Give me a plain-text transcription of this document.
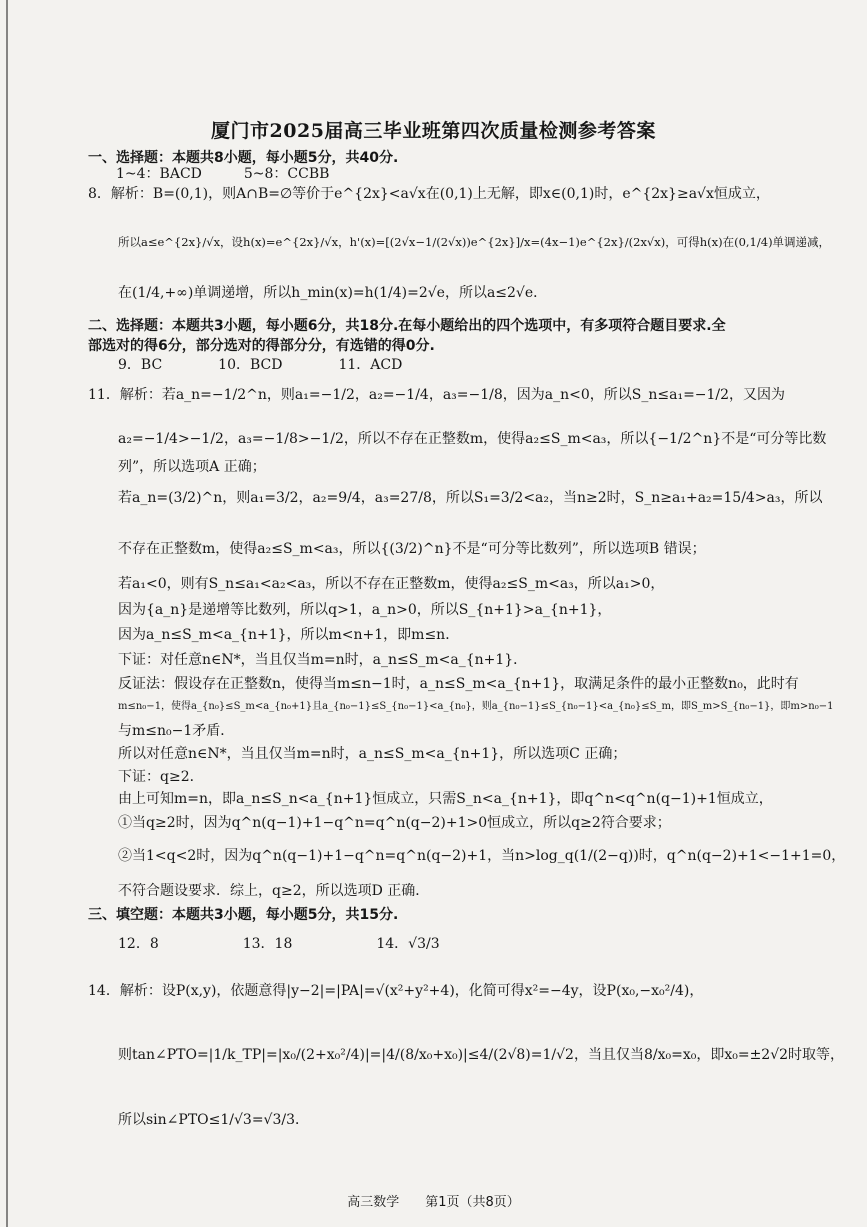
厦门市2025届高三毕业班第四次质量检测参考答案
一、选择题：本题共8小题，每小题5分，共40分.
1~4：BACD　　　5~8：CCBB
8．解析：B=(0,1)，则A∩B=∅等价于e^{2x}<a√x在(0,1)上无解，即x∈(0,1)时，e^{2x}≥a√x恒成立，
所以a≤e^{2x}/√x，设h(x)=e^{2x}/√x，h'(x)=[(2√x−1/(2√x))e^{2x}]/x=(4x−1)e^{2x}/(2x√x)，可得h(x)在(0,1/4)单调递减，
在(1/4,+∞)单调递增，所以h_min(x)=h(1/4)=2√e，所以a≤2√e．
二、选择题：本题共3小题，每小题6分，共18分.在每小题给出的四个选项中，有多项符合题目要求.全
部选对的得6分，部分选对的得部分分，有选错的得0分.
9．BC　　　　10．BCD　　　　11．ACD
11．解析：若a_n=−1/2^n，则a₁=−1/2，a₂=−1/4，a₃=−1/8，因为a_n<0，所以S_n≤a₁=−1/2，又因为
a₂=−1/4>−1/2，a₃=−1/8>−1/2，所以不存在正整数m，使得a₂≤S_m<a₃，所以{−1/2^n}不是“可分等比数
列”，所以选项A 正确；
若a_n=(3/2)^n，则a₁=3/2，a₂=9/4，a₃=27/8，所以S₁=3/2<a₂，当n≥2时，S_n≥a₁+a₂=15/4>a₃，所以
不存在正整数m，使得a₂≤S_m<a₃，所以{(3/2)^n}不是“可分等比数列”，所以选项B 错误；
若a₁<0，则有S_n≤a₁<a₂<a₃，所以不存在正整数m，使得a₂≤S_m<a₃，所以a₁>0，
因为{a_n}是递增等比数列，所以q>1，a_n>0，所以S_{n+1}>a_{n+1}，
因为a_n≤S_m<a_{n+1}，所以m<n+1，即m≤n．
下证：对任意n∈N*，当且仅当m=n时，a_n≤S_m<a_{n+1}．
反证法：假设存在正整数n，使得当m≤n−1时，a_n≤S_m<a_{n+1}，取满足条件的最小正整数n₀，此时有
m≤n₀−1，使得a_{n₀}≤S_m<a_{n₀+1}且a_{n₀−1}≤S_{n₀−1}<a_{n₀}，则a_{n₀−1}≤S_{n₀−1}<a_{n₀}≤S_m，即S_m>S_{n₀−1}，即m>n₀−1
与m≤n₀−1矛盾．
所以对任意n∈N*，当且仅当m=n时，a_n≤S_m<a_{n+1}，所以选项C 正确；
下证：q≥2．
由上可知m=n，即a_n≤S_n<a_{n+1}恒成立，只需S_n<a_{n+1}，即q^n<q^n(q−1)+1恒成立，
①当q≥2时，因为q^n(q−1)+1−q^n=q^n(q−2)+1>0恒成立，所以q≥2符合要求；
②当1<q<2时，因为q^n(q−1)+1−q^n=q^n(q−2)+1，当n>log_q(1/(2−q))时，q^n(q−2)+1<−1+1=0，
不符合题设要求．综上，q≥2，所以选项D 正确．
三、填空题：本题共3小题，每小题5分，共15分.
12．8　　　　　　13．18　　　　　　14．√3/3
14．解析：设P(x,y)，依题意得|y−2|=|PA|=√(x²+y²+4)，化简可得x²=−4y，设P(x₀,−x₀²/4)，
则tan∠PTO=|1/k_TP|=|x₀/(2+x₀²/4)|=|4/(8/x₀+x₀)|≤4/(2√8)=1/√2，当且仅当8/x₀=x₀，即x₀=±2√2时取等，
所以sin∠PTO≤1/√3=√3/3．
高三数学　　第1页（共8页）
